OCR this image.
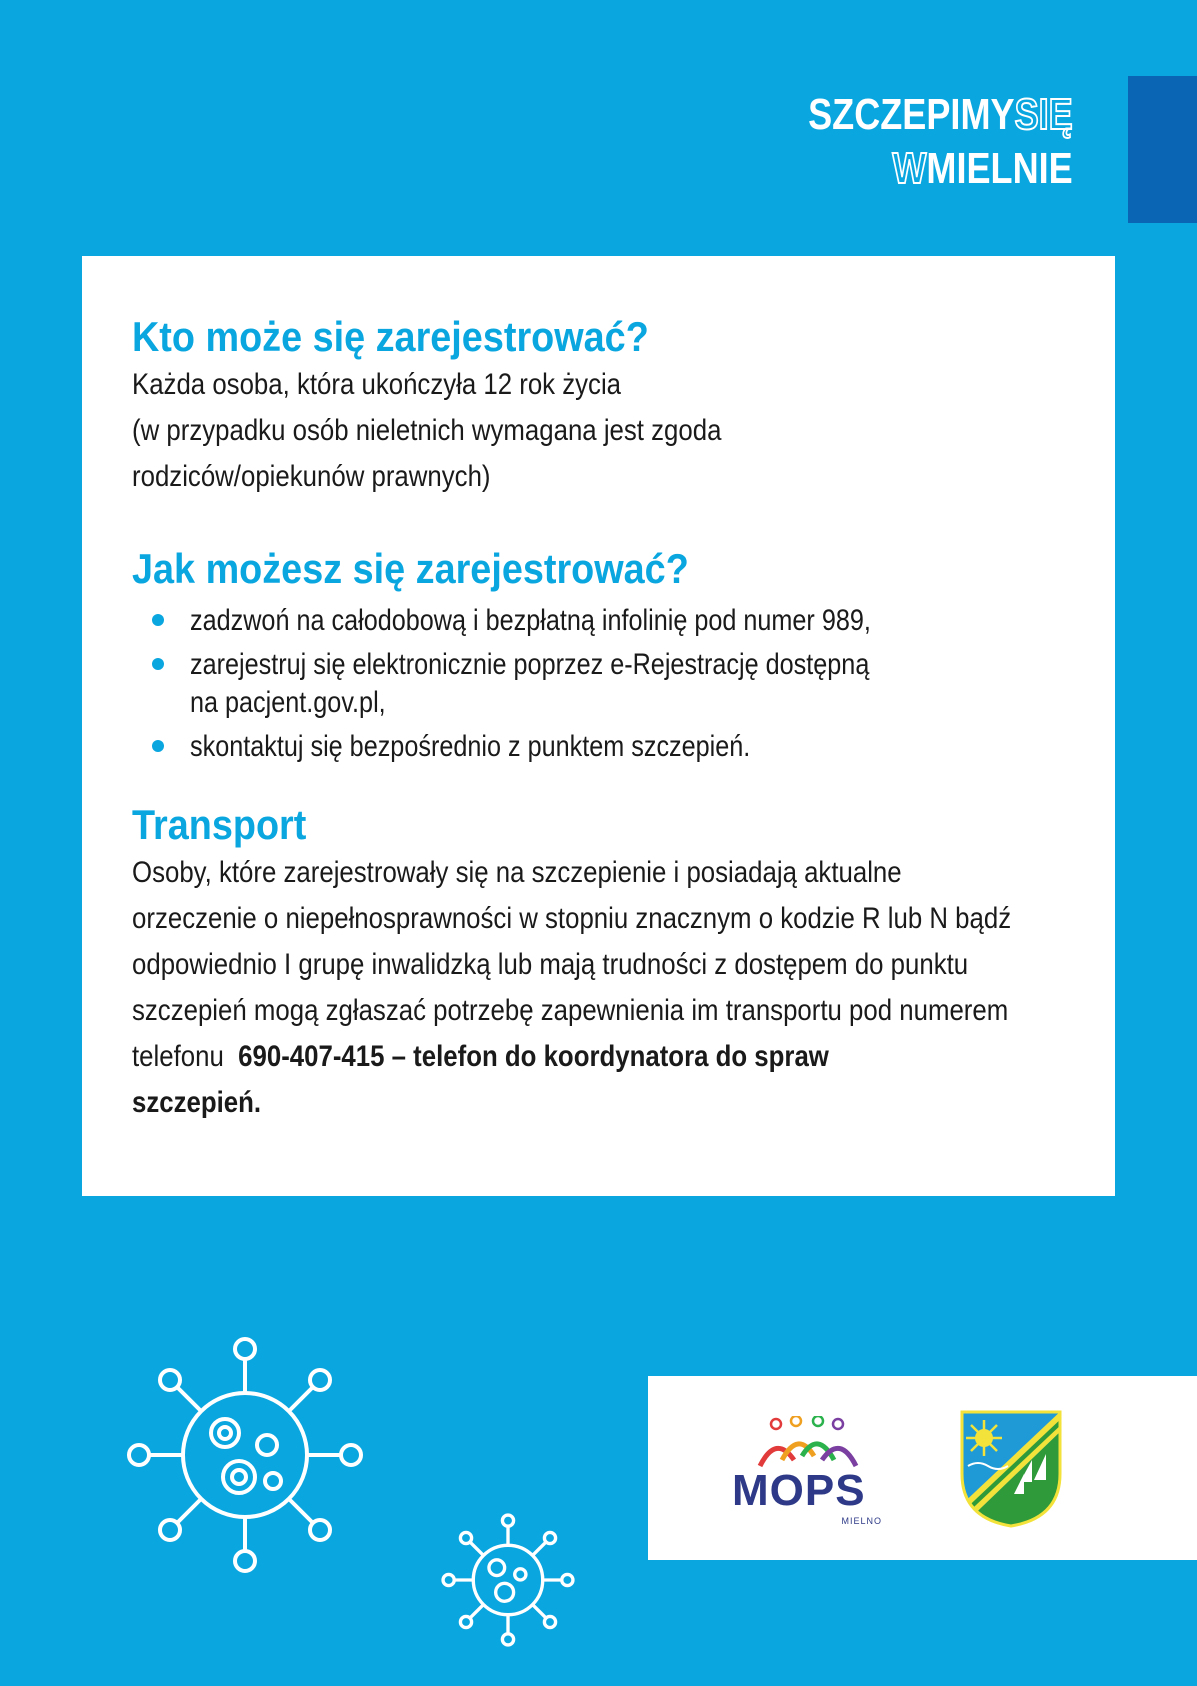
SZCZEPIMYSIĘ
WMIELNIE
Kto może się zarejestrować?

Każda osoba, która ukończyła 12 rok życia

(w przypadku osób nieletnich wymagana jest zgoda

rodziców/opiekunów prawnych)

Jak możesz się zarejestrować?
zadzwoń na całodobową i bezpłatną infolinię pod numer 989,
zarejestruj się elektronicznie poprzez e-Rejestrację dostępną na pacjent.gov.pl,
skontaktuj się bezpośrednio z punktem szczepień.
Transport

Osoby, które zarejestrowały się na szczepienie i posiadają aktualne

orzeczenie o niepełnosprawności w stopniu znacznym o kodzie R lub N bądź

odpowiednio I grupę inwalidzką lub mają trudności z dostępem do punktu

szczepień mogą zgłaszać potrzebę zapewnienia im transportu pod numerem

telefonu 690-407-415 – telefon do koordynatora do spraw

szczepień.

MOPS
MIELNO
